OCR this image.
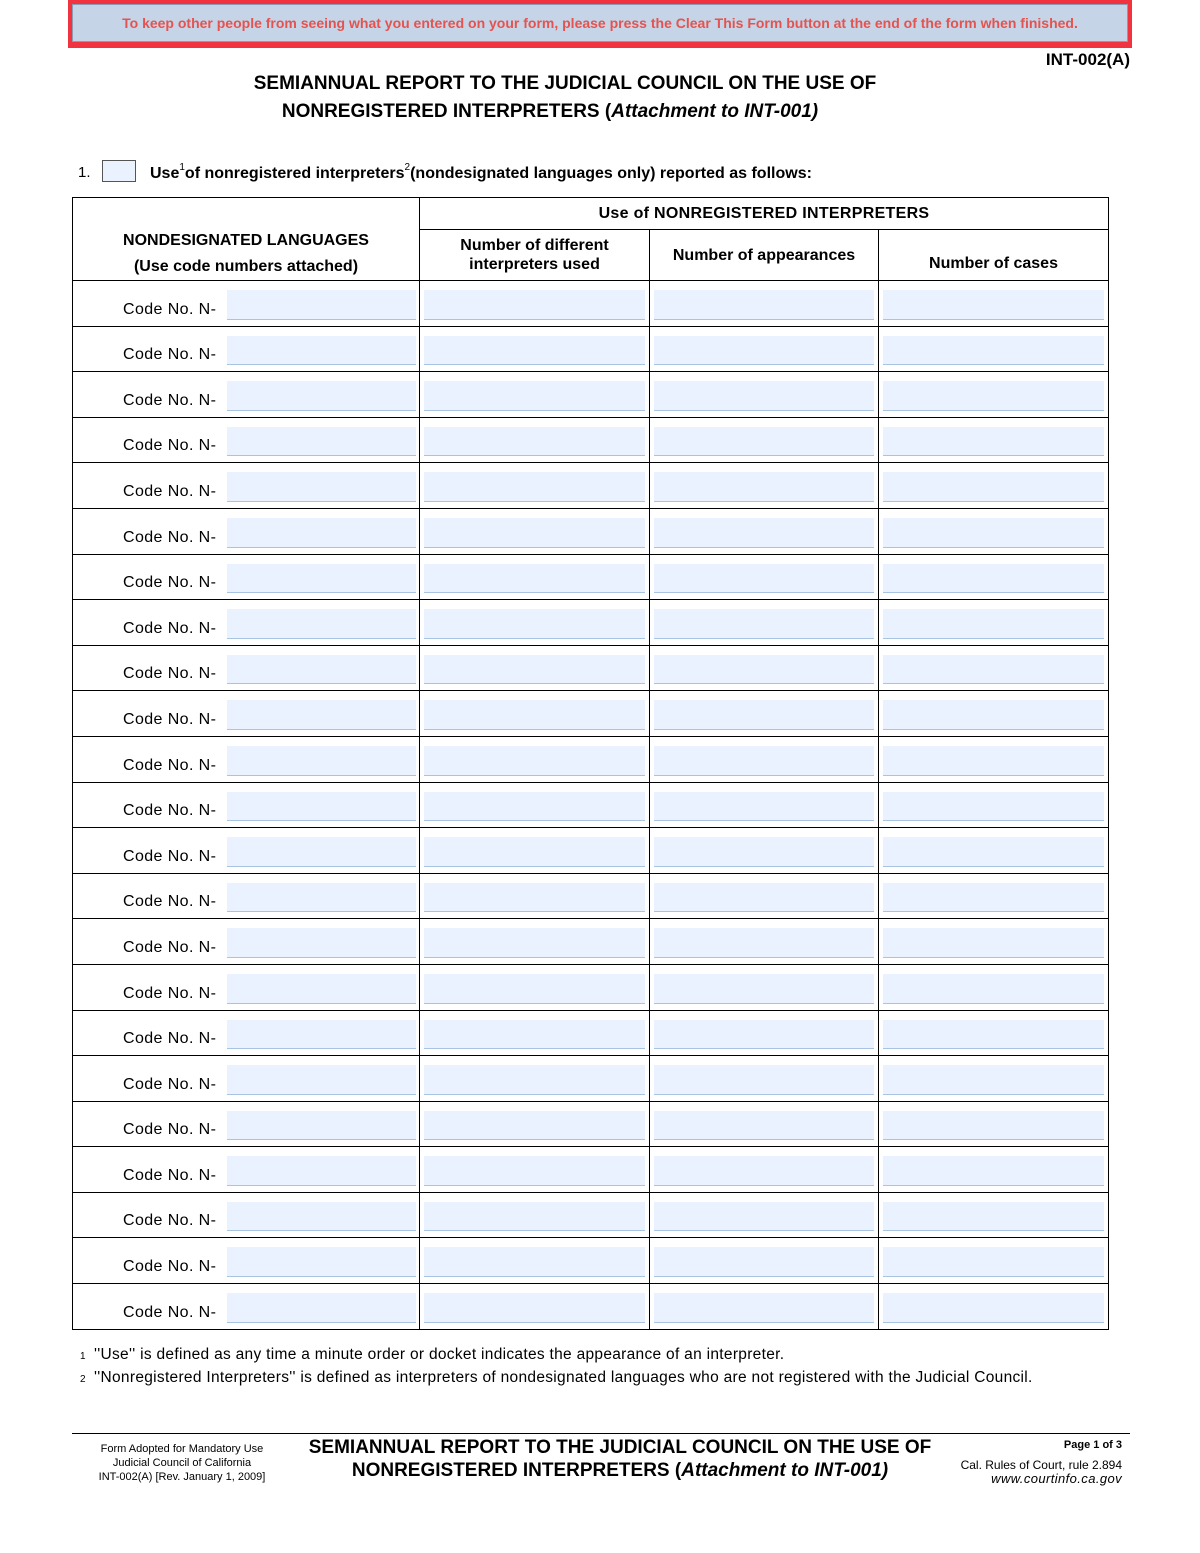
To keep other people from seeing what you entered on your form, please press the Clear This Form button at the end of the form when finished.
INT-002(A)
SEMIANNUAL REPORT TO THE JUDICIAL COUNCIL ON THE USE OF
NONREGISTERED INTERPRETERS (Attachment to INT-001)
1.	Use$^1$of nonregistered interpreters$^2$(nondesignated languages only) reported as follows:
NONDESIGNATED LANGUAGES
(Use code numbers attached)	Use of NONREGISTERED INTERPRETERS		

	Number of different interpreters used	Number of appearances	Number of cases

Code No. N-			

Code No. N-			

Code No. N-			

Code No. N-			

Code No. N-			

Code No. N-			

Code No. N-			

Code No. N-			

Code No. N-			

Code No. N-			

Code No. N-			

Code No. N-			

Code No. N-			

Code No. N-			

Code No. N-			

Code No. N-			

Code No. N-			

Code No. N-			

Code No. N-			

Code No. N-			

Code No. N-			

Code No. N-			

Code No. N-			

1 ''Use'' is defined as any time a minute order or docket indicates the appearance of an interpreter.
2 ''Nonregistered Interpreters'' is defined as interpreters of nondesignated languages who are not registered with the Judicial Council.
Form Adopted for Mandatory Use
Judicial Council of California
INT-002(A) [Rev. January 1, 2009]
SEMIANNUAL REPORT TO THE JUDICIAL COUNCIL ON THE USE OF
NONREGISTERED INTERPRETERS (Attachment to INT-001)
Page 1 of 3
Cal. Rules of Court, rule 2.894
www.courtinfo.ca.gov
